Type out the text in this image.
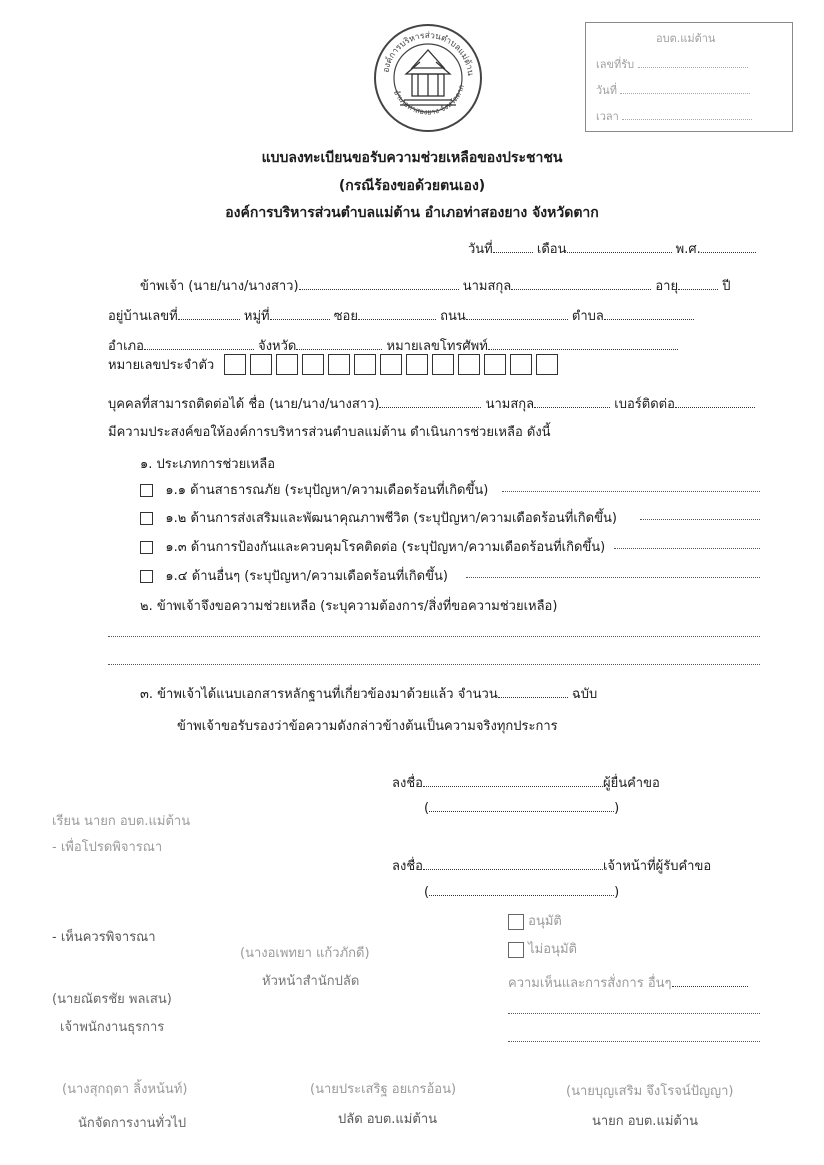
อบต.แม่ต้าน
เลขที่รับ
วันที่
เวลา
องค์การบริหารส่วนตำบลแม่ต้าน
อำเภอท่าสองยาง จังหวัดตาก
แบบลงทะเบียนขอรับความช่วยเหลือของประชาชน
(กรณีร้องขอด้วยตนเอง)
องค์การบริหารส่วนตำบลแม่ต้าน อำเภอท่าสองยาง จังหวัดตาก
วันที่	เดือน	พ.ศ.
ข้าพเจ้า (นาย/นาง/นางสาว)	นามสกุล	อายุ	ปี
อยู่บ้านเลขที่	หมู่ที่	ซอย	ถนน	ตำบล
อำเภอ	จังหวัด	หมายเลขโทรศัพท์
หมายเลขประจำตัว
บุคคลที่สามารถติดต่อได้ ชื่อ (นาย/นาง/นางสาว)	นามสกุล	เบอร์ติดต่อ
มีความประสงค์ขอให้องค์การบริหารส่วนตำบลแม่ต้าน ดำเนินการช่วยเหลือ ดังนี้
๑. ประเภทการช่วยเหลือ
๑.๑ ด้านสาธารณภัย (ระบุปัญหา/ความเดือดร้อนที่เกิดขึ้น)
๑.๒ ด้านการส่งเสริมและพัฒนาคุณภาพชีวิต (ระบุปัญหา/ความเดือดร้อนที่เกิดขึ้น)
๑.๓ ด้านการป้องกันและควบคุมโรคติดต่อ (ระบุปัญหา/ความเดือดร้อนที่เกิดขึ้น)
๑.๔ ด้านอื่นๆ (ระบุปัญหา/ความเดือดร้อนที่เกิดขึ้น)
๒. ข้าพเจ้าจึงขอความช่วยเหลือ (ระบุความต้องการ/สิ่งที่ขอความช่วยเหลือ)
๓. ข้าพเจ้าได้แนบเอกสารหลักฐานที่เกี่ยวข้องมาด้วยแล้ว จำนวน	ฉบับ
ข้าพเจ้าขอรับรองว่าข้อความดังกล่าวข้างต้นเป็นความจริงทุกประการ
ลงชื่อ	ผู้ยื่นคำขอ
(	)
ลงชื่อ	เจ้าหน้าที่ผู้รับคำขอ
(	)
เรียน นายก อบต.แม่ต้าน
- เพื่อโปรดพิจารณา
- เห็นควรพิจารณา
(นางอเพทยา แก้วภักดี)
หัวหน้าสำนักปลัด
(นายณัตรชัย พลเสน)
เจ้าพนักงานธุรการ
อนุมัติ
ไม่อนุมัติ
ความเห็นและการสั่งการ อื่นๆ
(นางสุกฤตา ลิ้งหน้นท์)
นักจัดการงานทั่วไป
(นายประเสริฐ อยเกรอ้อน)
ปลัด อบต.แม่ต้าน
(นายบุญเสริม จึงโรจน์ปัญญา)
นายก อบต.แม่ต้าน
